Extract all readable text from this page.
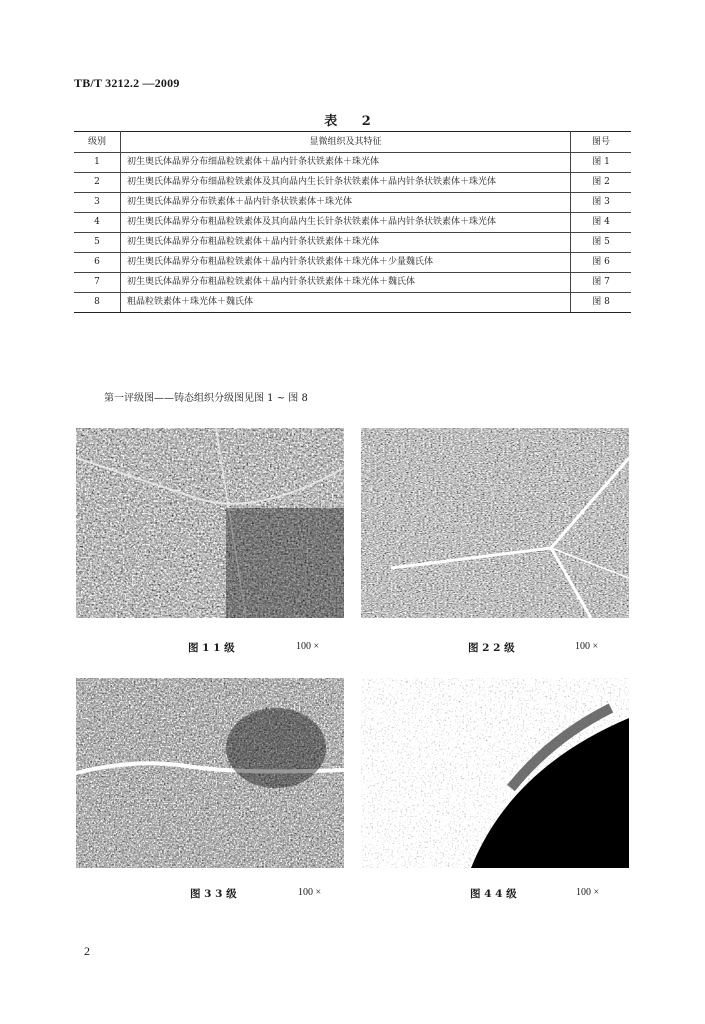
TB/T 3212.2 —2009
表 2
级别	显微组织及其特征	图号
1	初生奥氏体晶界分布细晶粒铁素体＋晶内针条状铁素体＋珠光体	图 1
2	初生奥氏体晶界分布细晶粒铁素体及其向晶内生长针条状铁素体＋晶内针条状铁素体＋珠光体	图 2
3	初生奥氏体晶界分布铁素体＋晶内针条状铁素体＋珠光体	图 3
4	初生奥氏体晶界分布粗晶粒铁素体及其向晶内生长针条状铁素体＋晶内针条状铁素体＋珠光体	图 4
5	初生奥氏体晶界分布粗晶粒铁素体＋晶内针条状铁素体＋珠光体	图 5
6	初生奥氏体晶界分布粗晶粒铁素体＋晶内针条状铁素体＋珠光体＋少量魏氏体	图 6
7	初生奥氏体晶界分布粗晶粒铁素体＋晶内针条状铁素体＋珠光体＋魏氏体	图 7
8	粗晶粒铁素体＋珠光体＋魏氏体	图 8
第一评级图——铸态组织分级图见图 1 ~ 图 8
图 1 1 级	100 ×	图 2 2 级	100 ×
图 3 3 级	100 ×	图 4 4 级	100 ×
2
